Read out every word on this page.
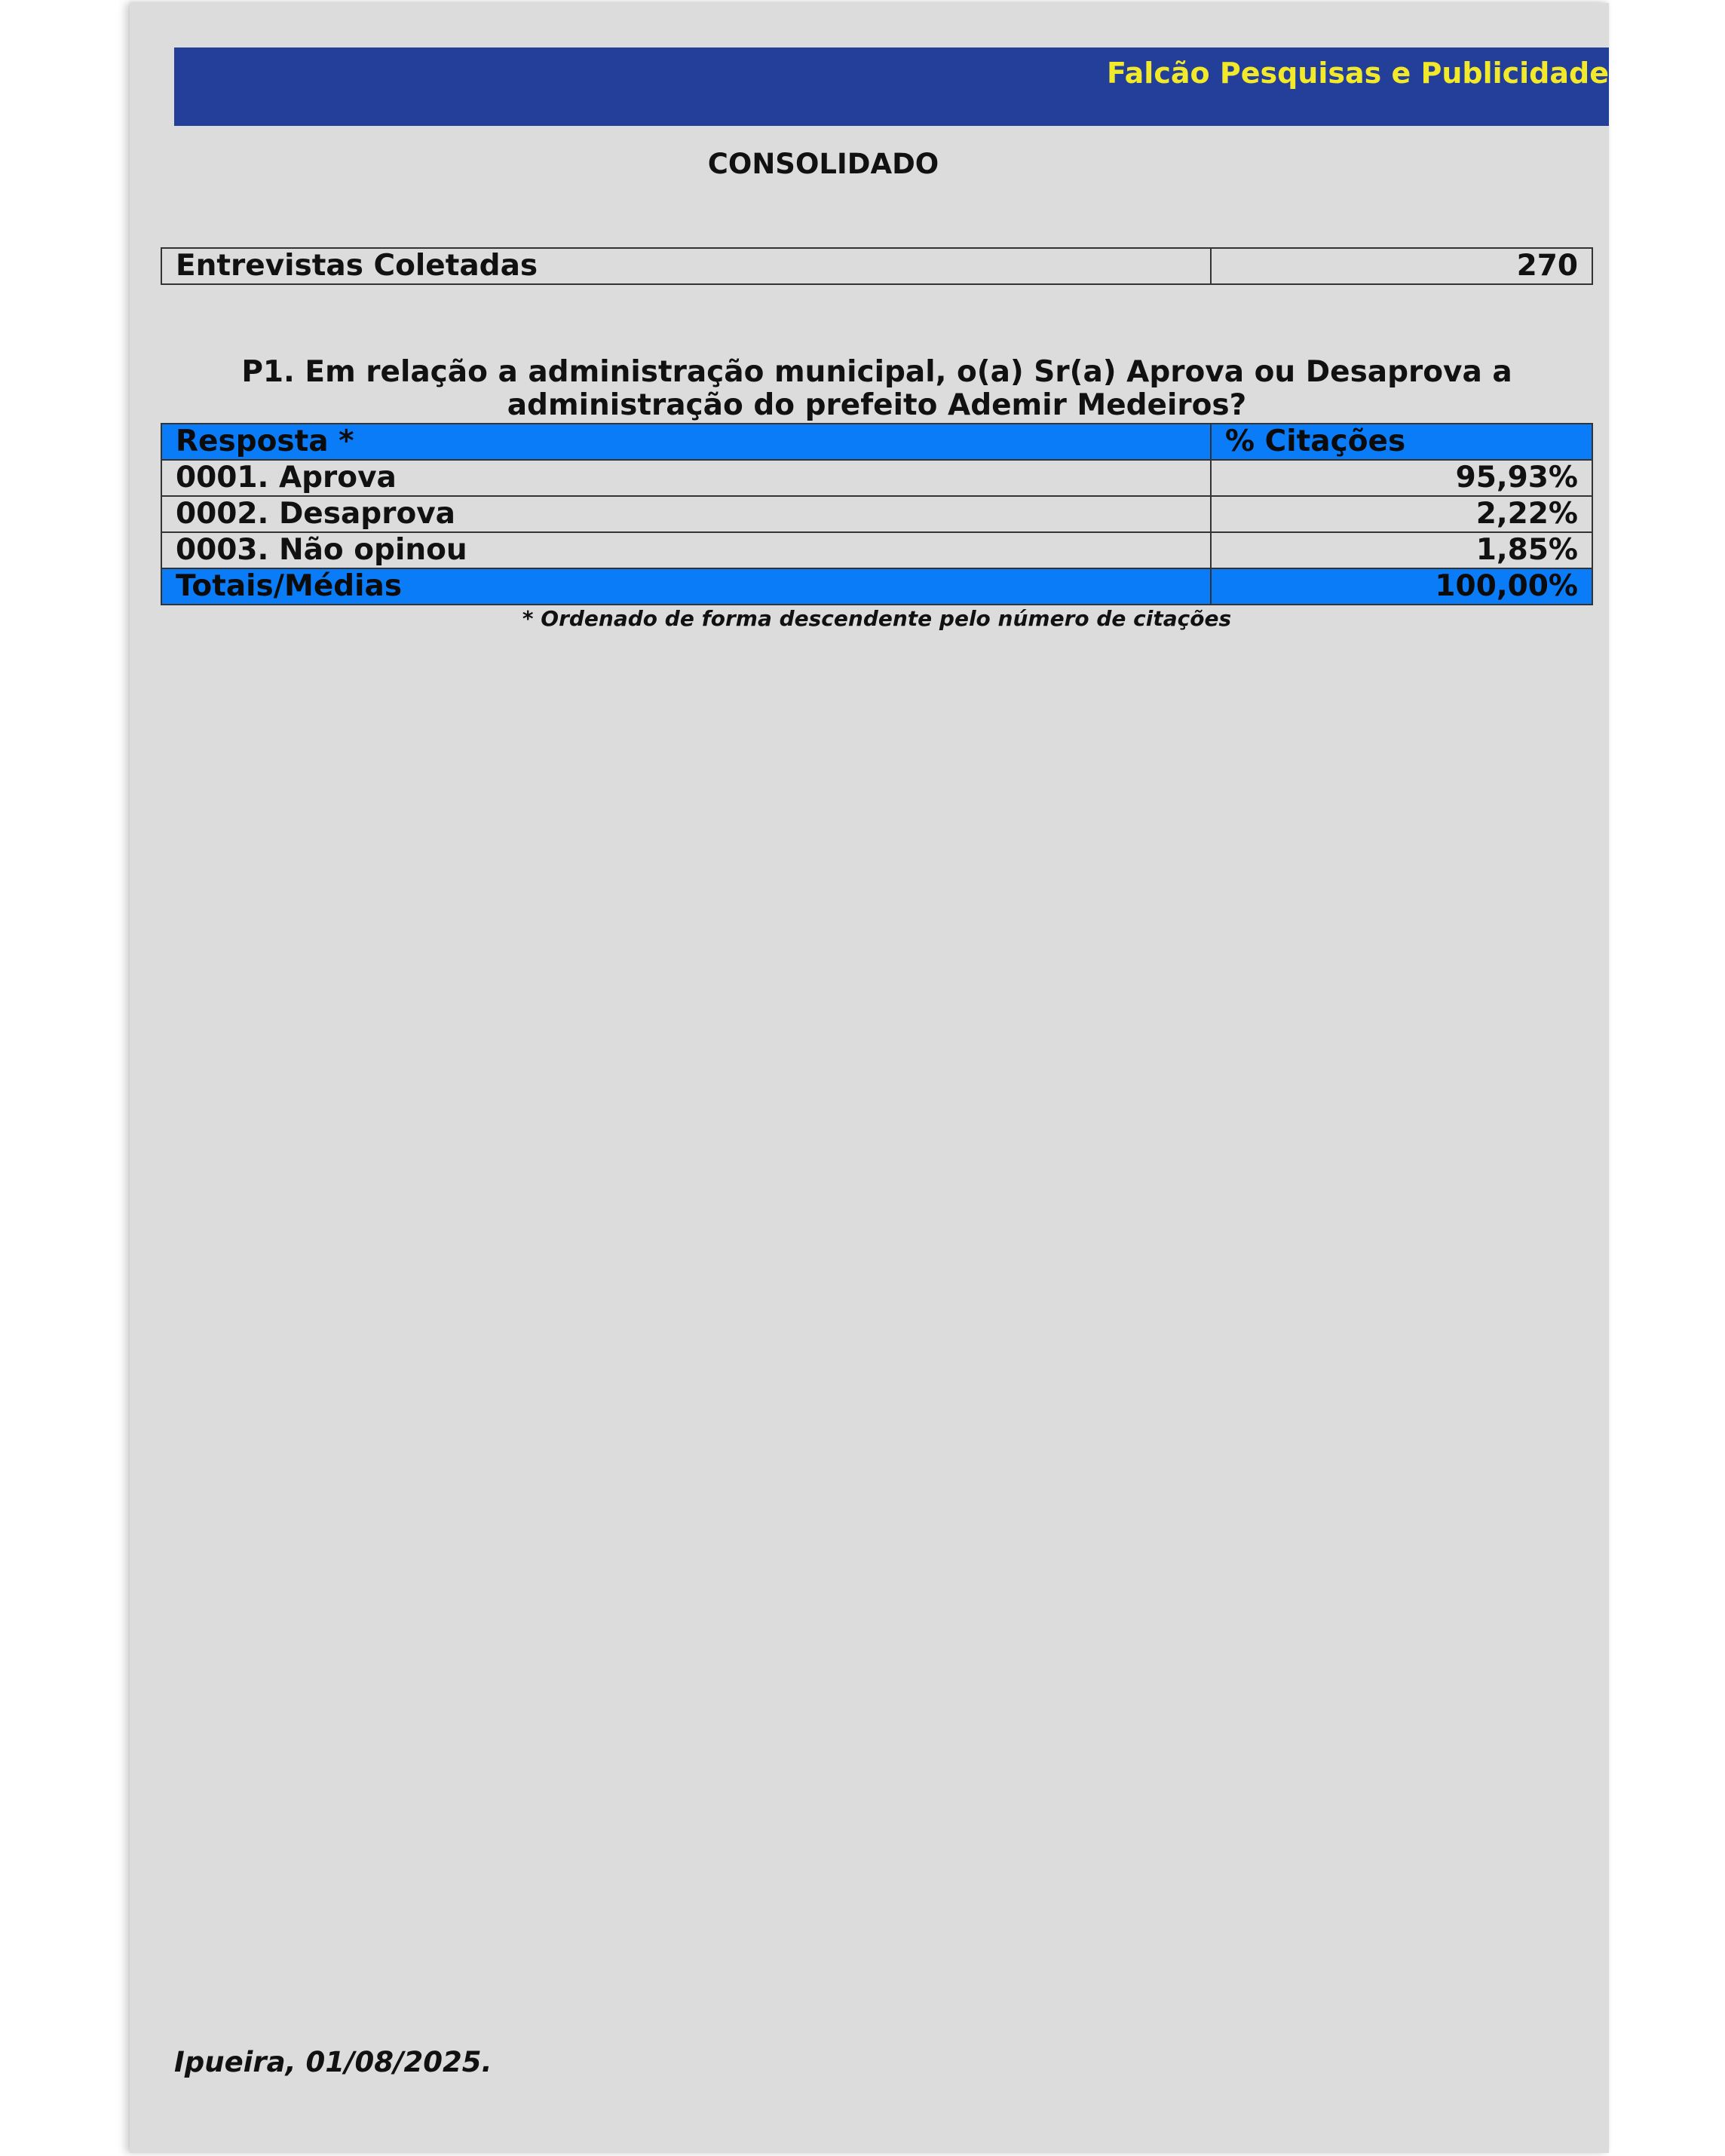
Falcão Pesquisas e Publicidade
CONSOLIDADO
Entrevistas Coletadas	270
P1. Em relação a administração municipal, o(a) Sr(a) Aprova ou Desaprova a
administração do prefeito Ademir Medeiros?
Resposta *	% Citações
0001. Aprova	95,93%
0002. Desaprova	2,22%
0003. Não opinou	1,85%
Totais/Médias	100,00%
* Ordenado de forma descendente pelo número de citações
Ipueira, 01/08/2025.
